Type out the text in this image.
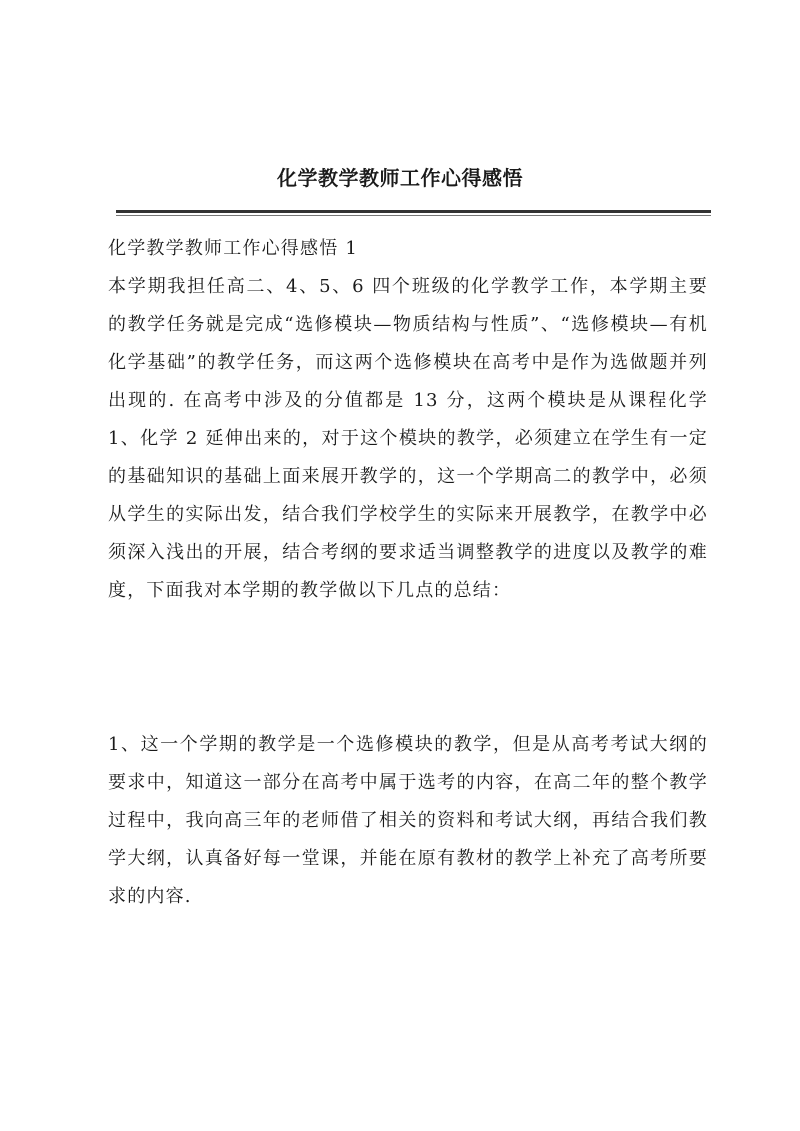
化学教学教师工作心得感悟

化学教学教师工作心得感悟 1

本学期我担任高二、4、5、6 四个班级的化学教学工作，本学期主要的教学任务就是完成“选修模块—物质结构与性质”、“选修模块—有机化学基础”的教学任务，而这两个选修模块在高考中是作为选做题并列出现的. 在高考中涉及的分值都是 13 分，这两个模块是从课程化学 1、化学 2 延伸出来的，对于这个模块的教学，必须建立在学生有一定的基础知识的基础上面来展开教学的，这一个学期高二的教学中，必须从学生的实际出发，结合我们学校学生的实际来开展教学，在教学中必须深入浅出的开展，结合考纲的要求适当调整教学的进度以及教学的难度，下面我对本学期的教学做以下几点的总结：

1、这一个学期的教学是一个选修模块的教学，但是从高考考试大纲的要求中，知道这一部分在高考中属于选考的内容，在高二年的整个教学过程中，我向高三年的老师借了相关的资料和考试大纲，再结合我们教学大纲，认真备好每一堂课，并能在原有教材的教学上补充了高考所要求的内容.
